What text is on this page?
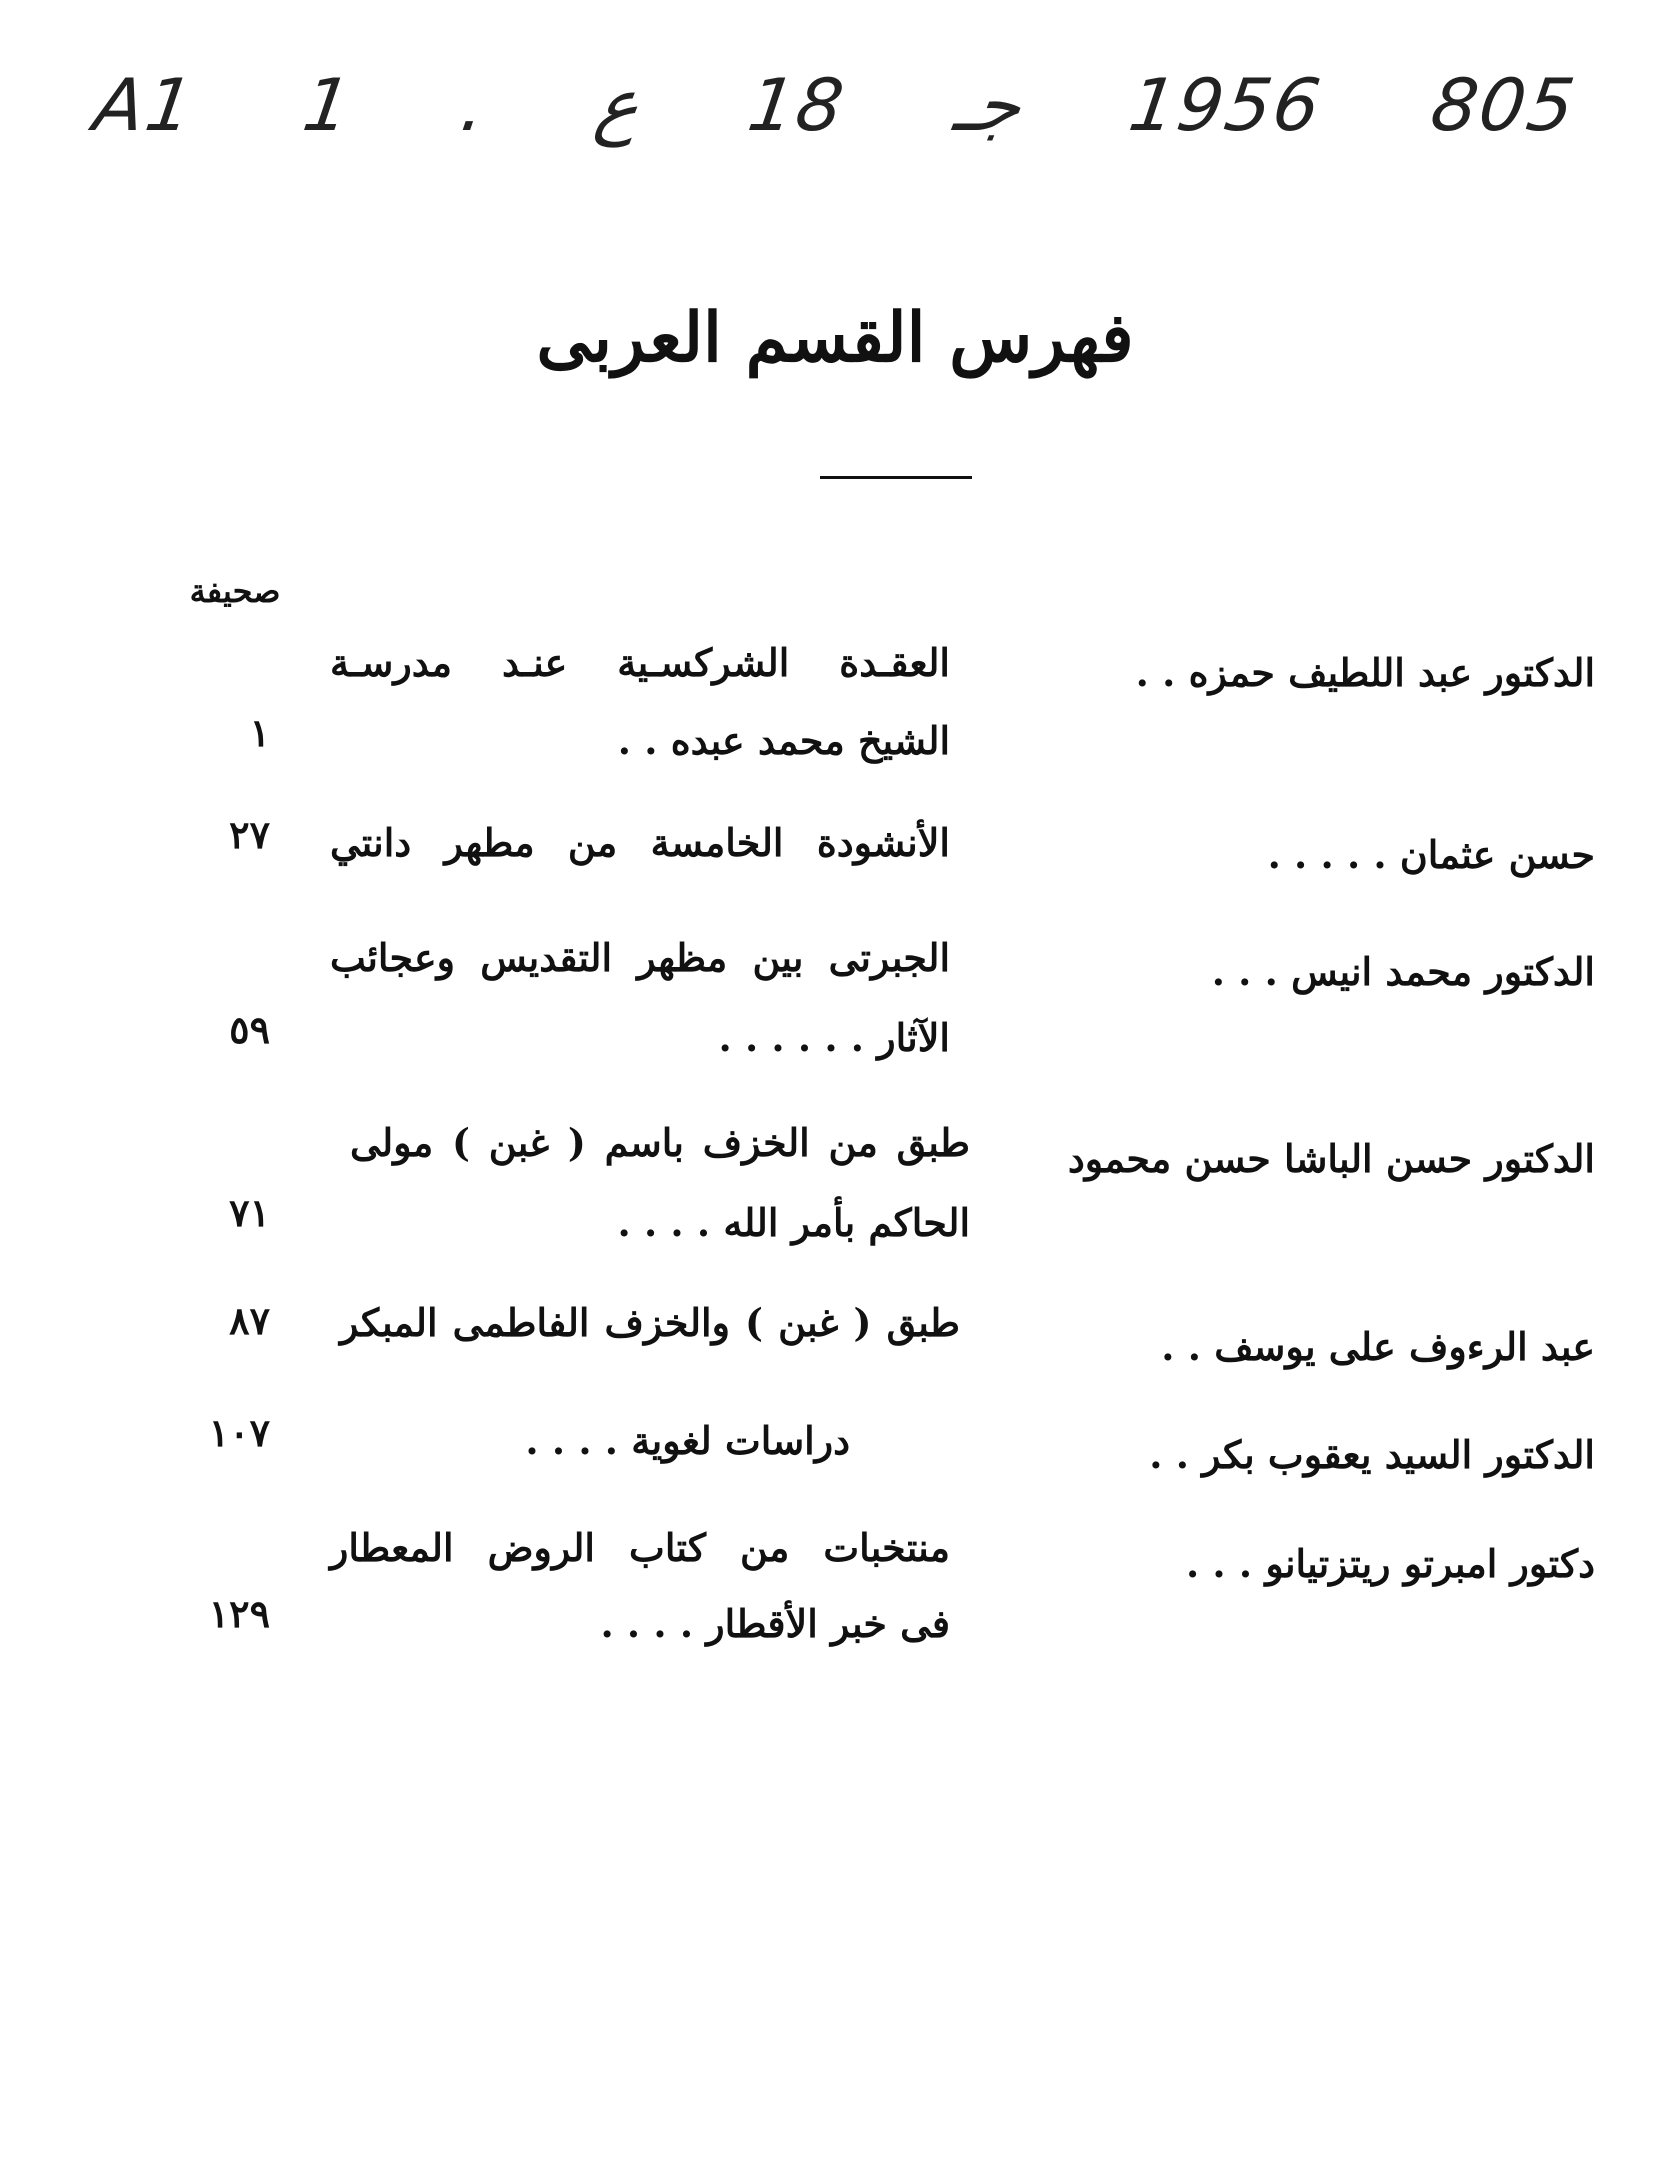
A1 1 . ع 18 جـ 1956 805
فهرس القسم العربى
صحيفة
الدكتور عبد اللطيف حمزه . .
العقـدة الشركسـية عنـد مدرسـة
الشيخ محمد عبده . .
١
حسن عثمان . . . . .
الأنشودة الخامسة من مطهر دانتي
٢٧
الدكتور محمد انيس . . .
الجبرتى بين مظهر التقديس وعجائب
الآثار . . . . . .
٥٩
الدكتور حسن الباشا حسن محمود
طبق من الخزف باسم ( غبن ) مولى
الحاكم بأمر الله . . . .
٧١
عبد الرءوف على يوسف . .
طبق ( غبن ) والخزف الفاطمى المبكر
٨٧
الدكتور السيد يعقوب بكر . .
دراسات لغوية . . . .
١٠٧
دكتور امبرتو ريتزتيانو . . .
منتخبات من كتاب الروض المعطار
فى خبر الأقطار . . . .
١٢٩
